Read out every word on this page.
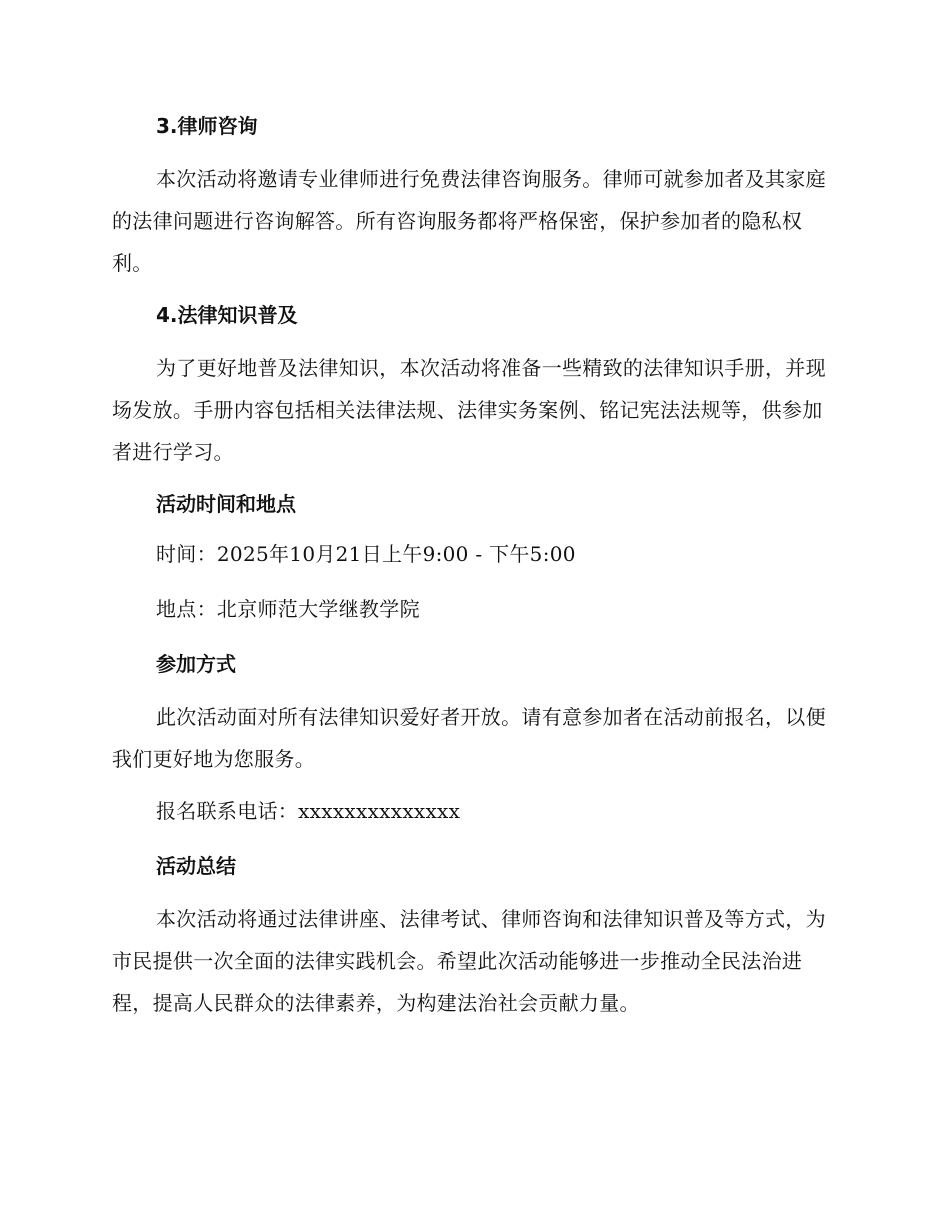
3.律师咨询
本次活动将邀请专业律师进行免费法律咨询服务。律师可就参加者及其家庭的法律问题进行咨询解答。所有咨询服务都将严格保密，保护参加者的隐私权利。
4.法律知识普及
为了更好地普及法律知识，本次活动将准备一些精致的法律知识手册，并现场发放。手册内容包括相关法律法规、法律实务案例、铭记宪法法规等，供参加者进行学习。
活动时间和地点
时间：2025年10月21日上午9:00 - 下午5:00
地点：北京师范大学继教学院
参加方式
此次活动面对所有法律知识爱好者开放。请有意参加者在活动前报名，以便我们更好地为您服务。
报名联系电话：xxxxxxxxxxxxxx
活动总结
本次活动将通过法律讲座、法律考试、律师咨询和法律知识普及等方式，为市民提供一次全面的法律实践机会。希望此次活动能够进一步推动全民法治进程，提高人民群众的法律素养，为构建法治社会贡献力量。
